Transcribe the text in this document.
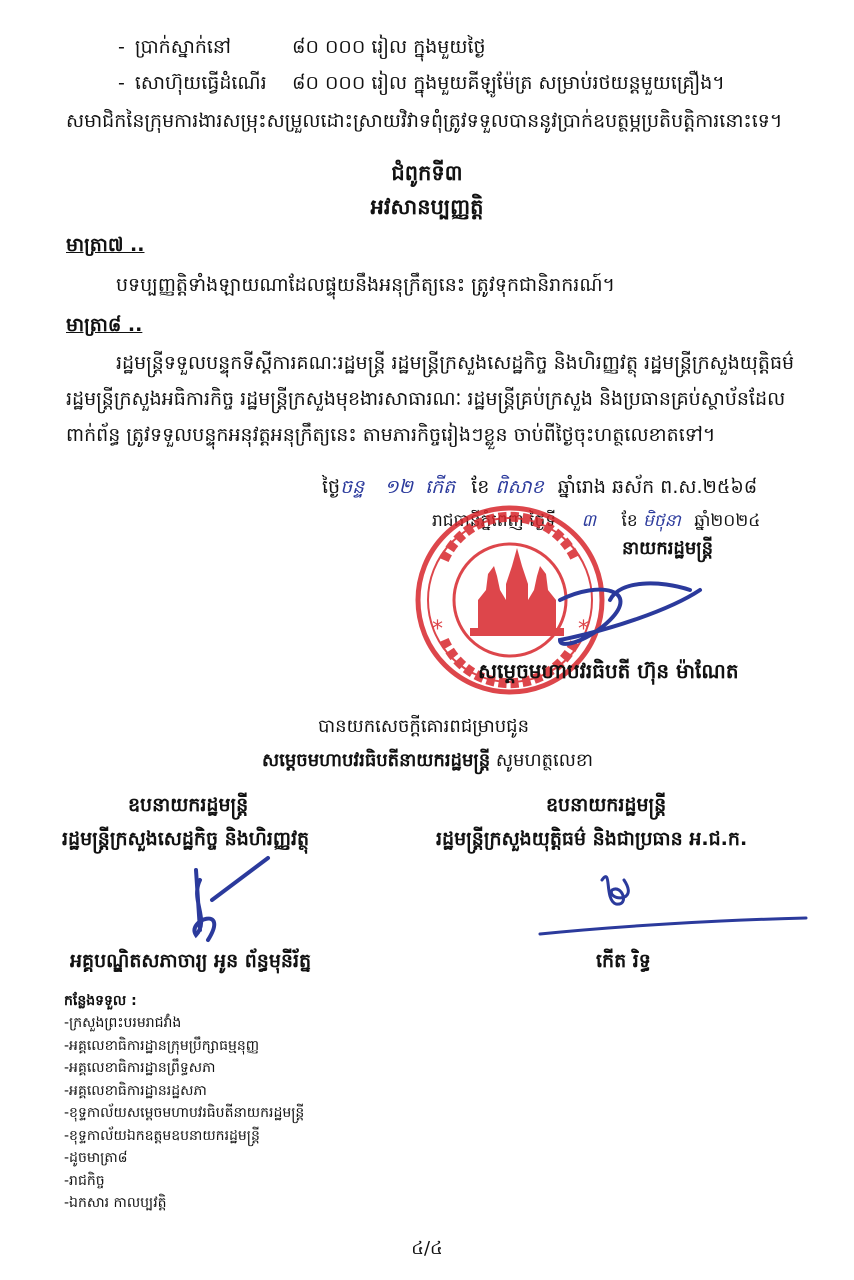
- ប្រាក់ស្នាក់នៅ	៨០ ០០០ រៀល ក្នុងមួយថ្ងៃ
- សោហ៊ុយធ្វើដំណើរ ៨០ ០០០ រៀល ក្នុងមួយគីឡូម៉ែត្រ សម្រាប់រថយន្តមួយគ្រឿង។
សមាជិកនៃក្រុមការងារសម្រុះសម្រួលដោះស្រាយវិវាទពុំត្រូវទទួលបាននូវប្រាក់ឧបត្ថម្ភប្រតិបត្តិការនោះទេ។
ជំពូកទី៣
អវសានប្បញ្ញត្តិ
មាត្រា៧ ..
បទប្បញ្ញត្តិទាំងឡាយណាដែលផ្ទុយនឹងអនុក្រឹត្យនេះ ត្រូវទុកជានិរាករណ៍។
មាត្រា៨ ..
រដ្ឋមន្ត្រីទទួលបន្ទុកទីស្តីការគណៈរដ្ឋមន្ត្រី រដ្ឋមន្ត្រីក្រសួងសេដ្ឋកិច្ច និងហិរញ្ញវត្ថុ រដ្ឋមន្ត្រីក្រសួងយុត្តិធម៌
រដ្ឋមន្ត្រីក្រសួងអធិការកិច្ច រដ្ឋមន្ត្រីក្រសួងមុខងារសាធារណៈ រដ្ឋមន្ត្រីគ្រប់ក្រសួង និងប្រធានគ្រប់ស្ថាប័នដែល
ពាក់ព័ន្ធ ត្រូវទទួលបន្ទុកអនុវត្តអនុក្រឹត្យនេះ តាមភារកិច្ចរៀងៗខ្លួន ចាប់ពីថ្ងៃចុះហត្ថលេខាតទៅ។
ថ្ងៃចន្ទ ១២ កើត ខែ ពិសាខ ឆ្នាំរោង ឆស័ក ព.ស.២៥៦៨
រាជធានីភ្នំពេញ ថ្ងៃទី ៣ ខែ មិថុនា ឆ្នាំ២០២៤
*	*
នាយករដ្ឋមន្ត្រី
សម្តេចមហាបវរធិបតី ហ៊ុន ម៉ាណែត
បានយកសេចក្តីគោរពជម្រាបជូន
សម្តេចមហាបវរធិបតីនាយករដ្ឋមន្ត្រី សូមហត្ថលេខា
ឧបនាយករដ្ឋមន្ត្រី
រដ្ឋមន្ត្រីក្រសួងសេដ្ឋកិច្ច និងហិរញ្ញវត្ថុ
អគ្គបណ្ឌិតសភាចារ្យ អូន ព័ន្ធមុនីរ័ត្ន
ឧបនាយករដ្ឋមន្ត្រី
រដ្ឋមន្ត្រីក្រសួងយុត្តិធម៌ និងជាប្រធាន អ.ជ.ក.
កើត រិទ្ធ
កន្លែងទទួល :
-ក្រសួងព្រះបរមរាជវាំង
-អគ្គលេខាធិការដ្ឋានក្រុមប្រឹក្សាធម្មនុញ្ញ
-អគ្គលេខាធិការដ្ឋានព្រឹទ្ធសភា
-អគ្គលេខាធិការដ្ឋានរដ្ឋសភា
-ខុទ្ទកាល័យសម្តេចមហាបវរធិបតីនាយករដ្ឋមន្ត្រី
-ខុទ្ទកាល័យឯកឧត្តមឧបនាយករដ្ឋមន្ត្រី
-ដូចមាត្រា៨
-រាជកិច្ច
-ឯកសារ កាលប្បវត្តិ
៤/៤
